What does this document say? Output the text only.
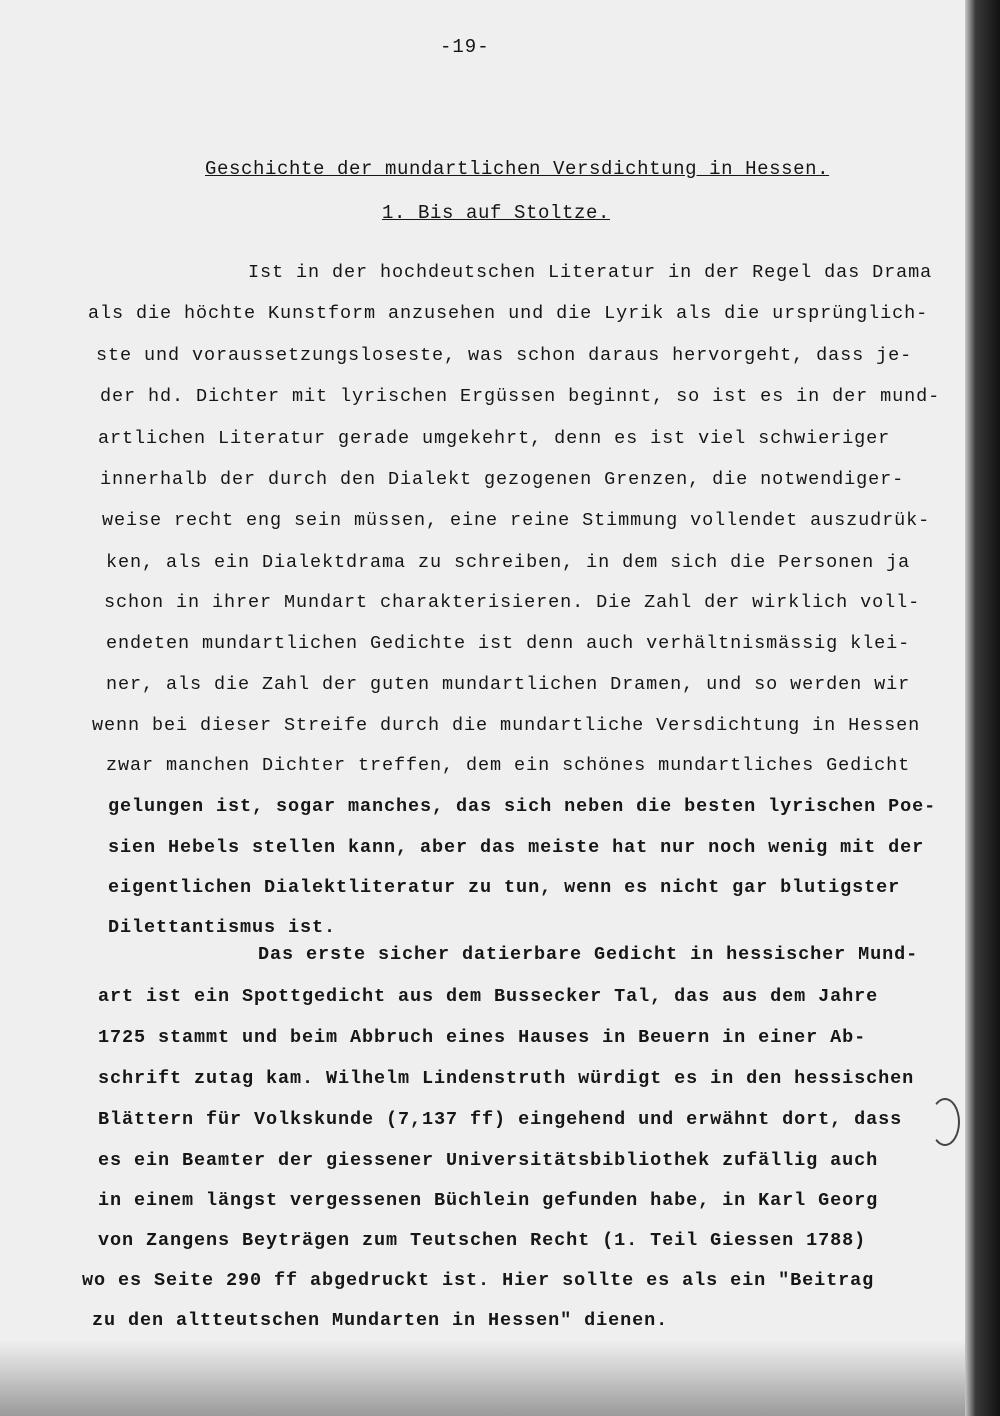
-19-
Geschichte der mundartlichen Versdichtung in Hessen.
1. Bis auf Stoltze.
Ist in der hochdeutschen Literatur in der Regel das Drama
als die höchte Kunstform anzusehen und die Lyrik als die ursprünglich-
ste und voraussetzungsloseste, was schon daraus hervorgeht, dass je-
der hd. Dichter mit lyrischen Ergüssen beginnt, so ist es in der mund-
artlichen Literatur gerade umgekehrt, denn es ist viel schwieriger
innerhalb der durch den Dialekt gezogenen Grenzen, die notwendiger-
weise recht eng sein müssen, eine reine Stimmung vollendet auszudrük-
ken, als ein Dialektdrama zu schreiben, in dem sich die Personen ja
schon in ihrer Mundart charakterisieren. Die Zahl der wirklich voll-
endeten mundartlichen Gedichte ist denn auch verhältnismässig klei-
ner, als die Zahl der guten mundartlichen Dramen, und so werden wir
wenn bei dieser Streife durch die mundartliche Versdichtung in Hessen
zwar manchen Dichter treffen, dem ein schönes mundartliches Gedicht
gelungen ist, sogar manches, das sich neben die besten lyrischen Poe-
sien Hebels stellen kann, aber das meiste hat nur noch wenig mit der
eigentlichen Dialektliteratur zu tun, wenn es nicht gar blutigster
Dilettantismus ist.
Das erste sicher datierbare Gedicht in hessischer Mund-
art ist ein Spottgedicht aus dem Bussecker Tal, das aus dem Jahre
1725 stammt und beim Abbruch eines Hauses in Beuern in einer Ab-
schrift zutag kam. Wilhelm Lindenstruth würdigt es in den hessischen
Blättern für Volkskunde (7,137 ff) eingehend und erwähnt dort, dass
es ein Beamter der giessener Universitätsbibliothek zufällig auch
in einem längst vergessenen Büchlein gefunden habe, in Karl Georg
von Zangens Beyträgen zum Teutschen Recht (1. Teil Giessen 1788)
wo es Seite 290 ff abgedruckt ist. Hier sollte es als ein "Beitrag
zu den altteutschen Mundarten in Hessen" dienen.
